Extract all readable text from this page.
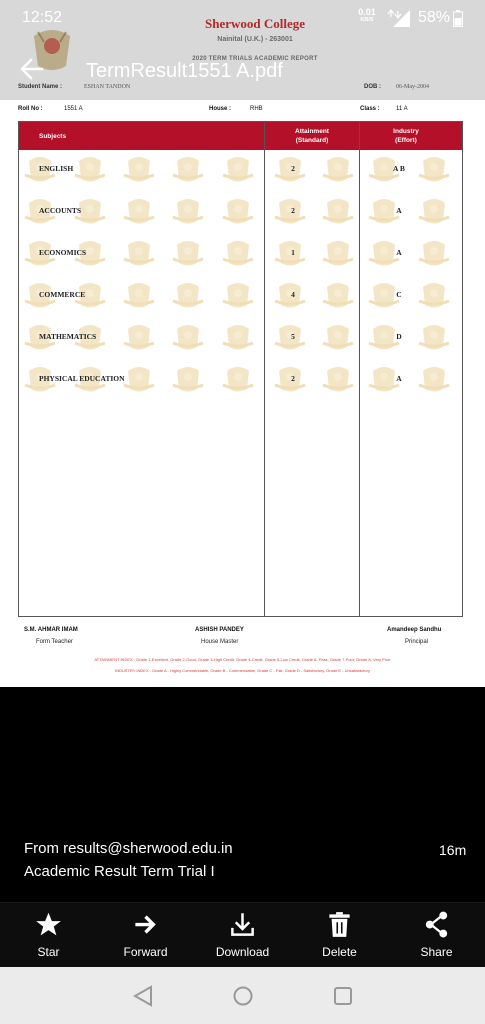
Sherwood College
Nainital (U.K.) - 263001
2020 TERM TRIALS ACADEMIC REPORT
Student Name :	ESHAN TANDON	DOB :	06-May-2004
Roll No :	1551 A	House :	RHB	Class :	11 A
Subjects
Attainment
(Standard)
Industry
(Effort)
ENGLISH	2	A B
ACCOUNTS	2	A
ECONOMICS	1	A
COMMERCE	4	C
MATHEMATICS	5	D
PHYSICAL EDUCATION	2	A
S.M. AHMAR IMAM
Form Teacher
ASHISH PANDEY
House Master
Amandeep Sandhu
Principal
ATTAINMENT INDEX : Grade 1-Excellent, Grade 2-Good, Grade 3-High Credit, Grade 4-Credit, Grade 5-Low Credit, Grade 6- Pass, Grade 7-Poor, Grade 8- Very Poor
INDUSTRY INDEX : Grade A - Highly Commendable, Grade B - Commendable, Grade C - Fair, Grade D - Satisfactory, Grade E - Unsatisfactory
12:52	0.01
KB/S	58%
TermResult1551 A.pdf
From results@sherwood.edu.in	16m
Academic Result Term Trial I
Star	Forward	Download	Delete	Share
